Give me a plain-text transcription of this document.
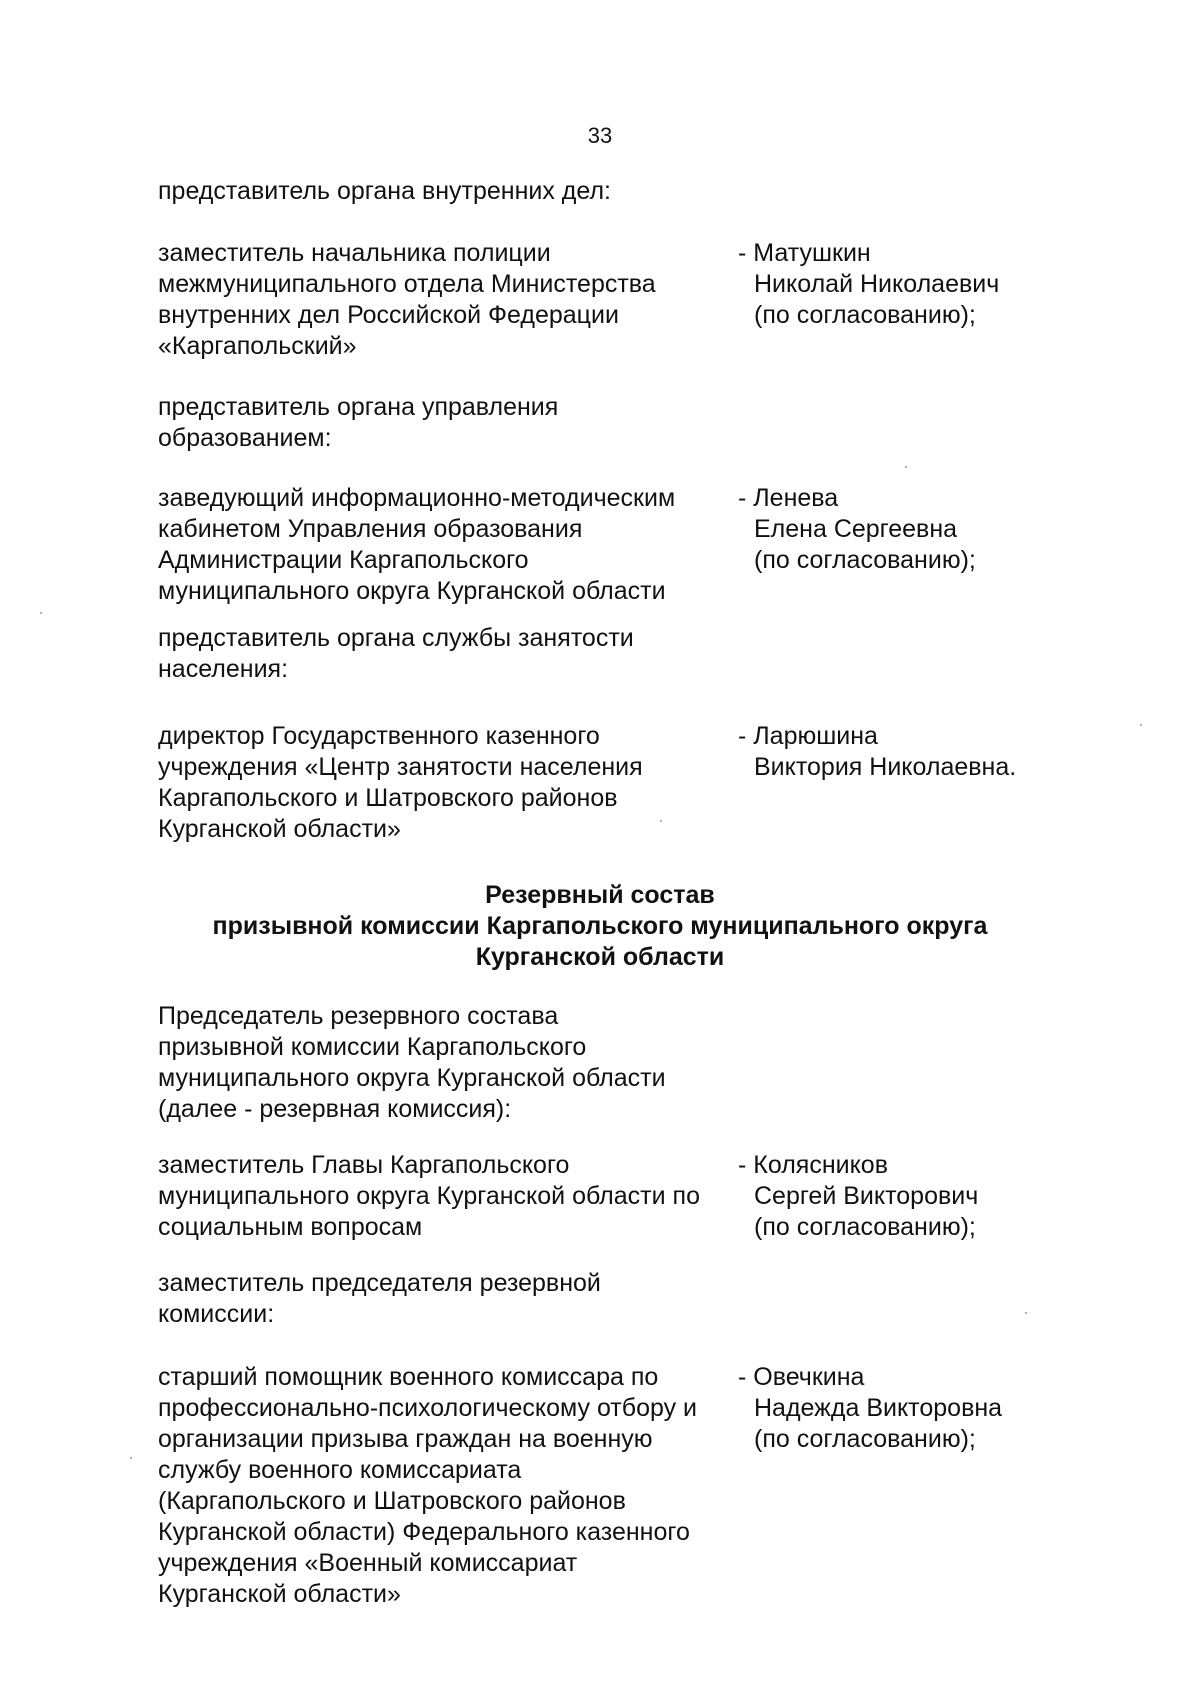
33
представитель органа внутренних дел:
заместитель начальника полиции
межмуниципального отдела Министерства
внутренних дел Российской Федерации
«Каргапольский»
- Матушкин
Николай Николаевич
(по согласованию);
представитель органа управления
образованием:
заведующий информационно-методическим
кабинетом Управления образования
Администрации Каргапольского
муниципального округа Курганской области
- Ленева
Елена Сергеевна
(по согласованию);
представитель органа службы занятости
населения:
директор Государственного казенного
учреждения «Центр занятости населения
Каргапольского и Шатровского районов
Курганской области»
- Ларюшина
Виктория Николаевна.
Резервный состав
призывной комиссии Каргапольского муниципального округа
Курганской области
Председатель резервного состава
призывной комиссии Каргапольского
муниципального округа Курганской области
(далее - резервная комиссия):
заместитель Главы Каргапольского
муниципального округа Курганской области по
социальным вопросам
- Колясников
Сергей Викторович
(по согласованию);
заместитель председателя резервной
комиссии:
старший помощник военного комиссара по
профессионально-психологическому отбору и
организации призыва граждан на военную
службу военного комиссариата
(Каргапольского и Шатровского районов
Курганской области) Федерального казенного
учреждения «Военный комиссариат
Курганской области»
- Овечкина
Надежда Викторовна
(по согласованию);
